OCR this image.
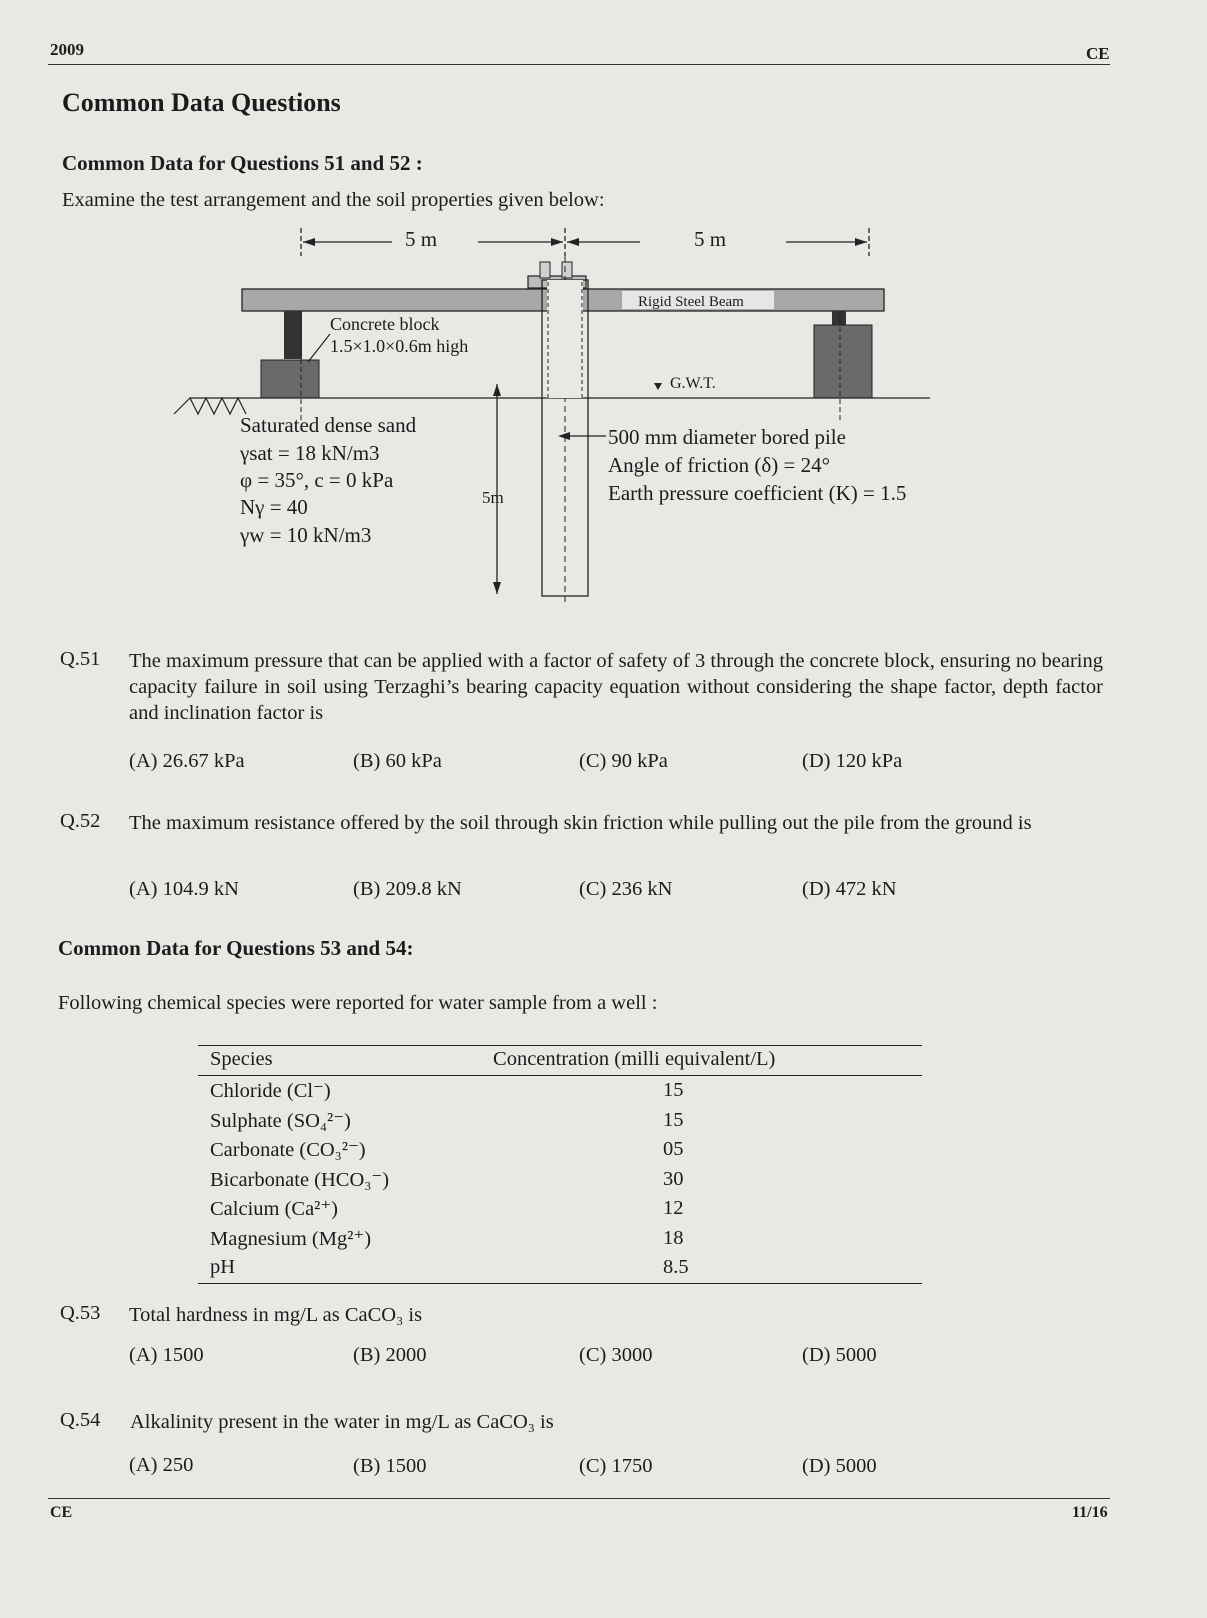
2009	CE
Common Data Questions
Common Data for Questions 51 and 52 :
Examine the test arrangement and the soil properties given below:
5 m	5 m
Rigid Steel Beam
Concrete block
1.5×1.0×0.6m high
G.W.T.
5m
Saturated dense sand
γsat = 18 kN/m3
φ = 35°, c = 0 kPa
Nγ = 40
γw = 10 kN/m3
500 mm diameter bored pile
Angle of friction (δ) = 24°
Earth pressure coefficient (K) = 1.5
Q.51 The maximum pressure that can be applied with a factor of safety of 3 through the concrete block, ensuring no bearing capacity failure in soil using Terzaghi’s bearing capacity equation without considering the shape factor, depth factor and inclination factor is
(A) 26.67 kPa	(B) 60 kPa	(C) 90 kPa	(D) 120 kPa
Q.52 The maximum resistance offered by the soil through skin friction while pulling out the pile from the ground is
(A) 104.9 kN	(B) 209.8 kN	(C) 236 kN	(D) 472 kN
Common Data for Questions 53 and 54:
Following chemical species were reported for water sample from a well :
Species	Concentration (milli equivalent/L)
Chloride (Cl⁻)	15
Sulphate (SO₄²⁻)	15
Carbonate (CO₃²⁻)	05
Bicarbonate (HCO₃⁻)	30
Calcium (Ca²⁺)	12
Magnesium (Mg²⁺)	18
pH	8.5
Q.53 Total hardness in mg/L as CaCO₃ is
(A) 1500	(B) 2000	(C) 3000	(D) 5000
Q.54 Alkalinity present in the water in mg/L as CaCO₃ is
(A) 250	(B) 1500	(C) 1750	(D) 5000
CE	11/16
